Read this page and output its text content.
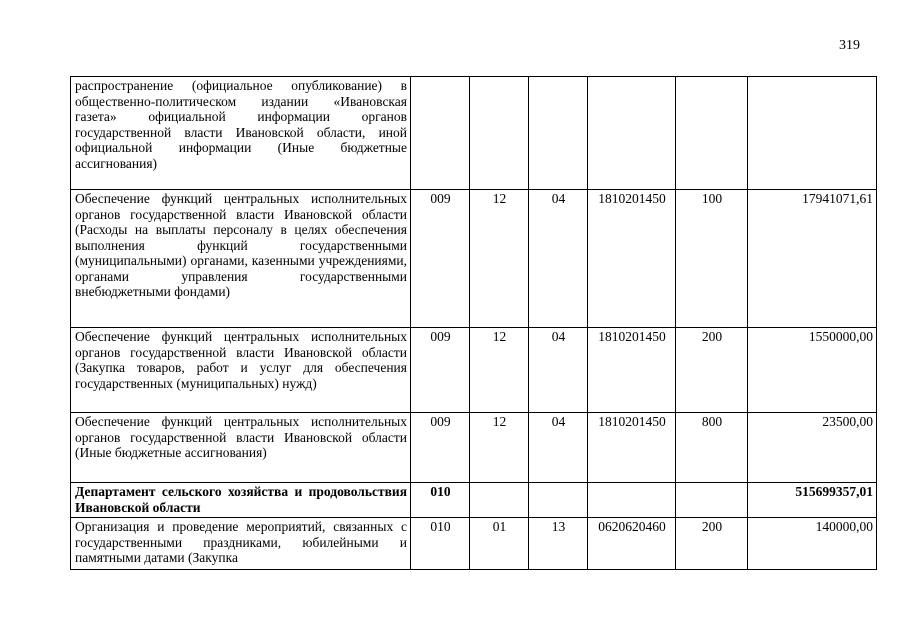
319
распространение (официальное опубликование) в общественно-политическом издании «Ивановская газета» официальной информации органов государственной власти Ивановской области, иной официальной информации (Иные бюджетные ассигнования)						
Обеспечение функций центральных исполнительных органов государственной власти Ивановской области (Расходы на выплаты персоналу в целях обеспечения выполнения функций государственными (муниципальными) органами, казенными учреждениями, органами управления государственными внебюджетными фондами)	009	12	04	1810201450	100	17941071,61
Обеспечение функций центральных исполнительных органов государственной власти Ивановской области (Закупка товаров, работ и услуг для обеспечения государственных (муниципальных) нужд)	009	12	04	1810201450	200	1550000,00
Обеспечение функций центральных исполнительных органов государственной власти Ивановской области (Иные бюджетные ассигнования)	009	12	04	1810201450	800	23500,00
Департамент сельского хозяйства и продовольствия Ивановской области	010					515699357,01
Организация и проведение мероприятий, связанных с государственными праздниками, юбилейными и памятными датами (Закупка	010	01	13	0620620460	200	140000,00
